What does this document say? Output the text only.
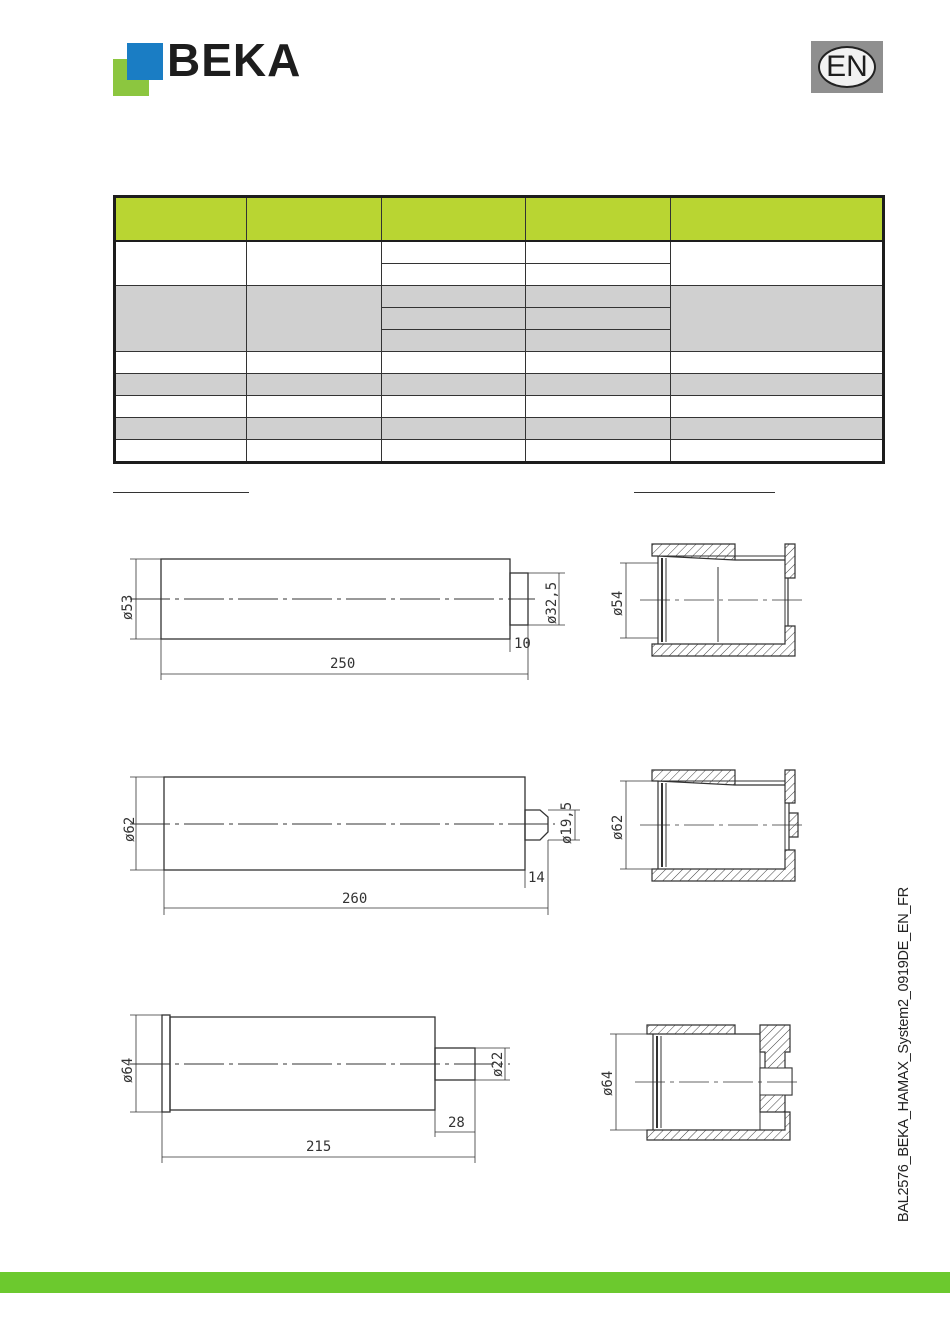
BEKA	EN

ø53	ø32,5
10
250
ø54
ø62	ø19,5
14
260
ø62
ø64	ø22
28
215
ø64	BAL2576_BEKA_HAMAX_System2_0919DE_EN_FR
